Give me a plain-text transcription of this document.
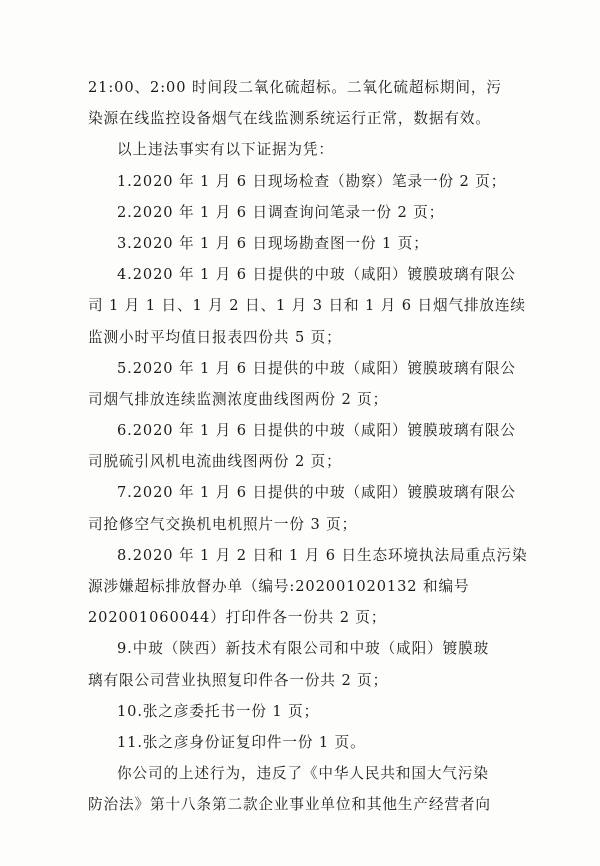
21:00、2:00 时间段二氧化硫超标。二氧化硫超标期间，污
染源在线监控设备烟气在线监测系统运行正常，数据有效。
以上违法事实有以下证据为凭：
1.2020 年 1 月 6 日现场检查（勘察）笔录一份 2 页；
2.2020 年 1 月 6 日调查询问笔录一份 2 页；
3.2020 年 1 月 6 日现场勘查图一份 1 页；
4.2020 年 1 月 6 日提供的中玻（咸阳）镀膜玻璃有限公
司 1 月 1 日、1 月 2 日、1 月 3 日和 1 月 6 日烟气排放连续
监测小时平均值日报表四份共 5 页；
5.2020 年 1 月 6 日提供的中玻（咸阳）镀膜玻璃有限公
司烟气排放连续监测浓度曲线图两份 2 页；
6.2020 年 1 月 6 日提供的中玻（咸阳）镀膜玻璃有限公
司脱硫引风机电流曲线图两份 2 页；
7.2020 年 1 月 6 日提供的中玻（咸阳）镀膜玻璃有限公
司抢修空气交换机电机照片一份 3 页；
8.2020 年 1 月 2 日和 1 月 6 日生态环境执法局重点污染
源涉嫌超标排放督办单（编号:202001020132 和编号
202001060044）打印件各一份共 2 页；
9.中玻（陕西）新技术有限公司和中玻（咸阳）镀膜玻
璃有限公司营业执照复印件各一份共 2 页；
10.张之彦委托书一份 1 页；
11.张之彦身份证复印件一份 1 页。
你公司的上述行为，违反了《中华人民共和国大气污染
防治法》第十八条第二款企业事业单位和其他生产经营者向
